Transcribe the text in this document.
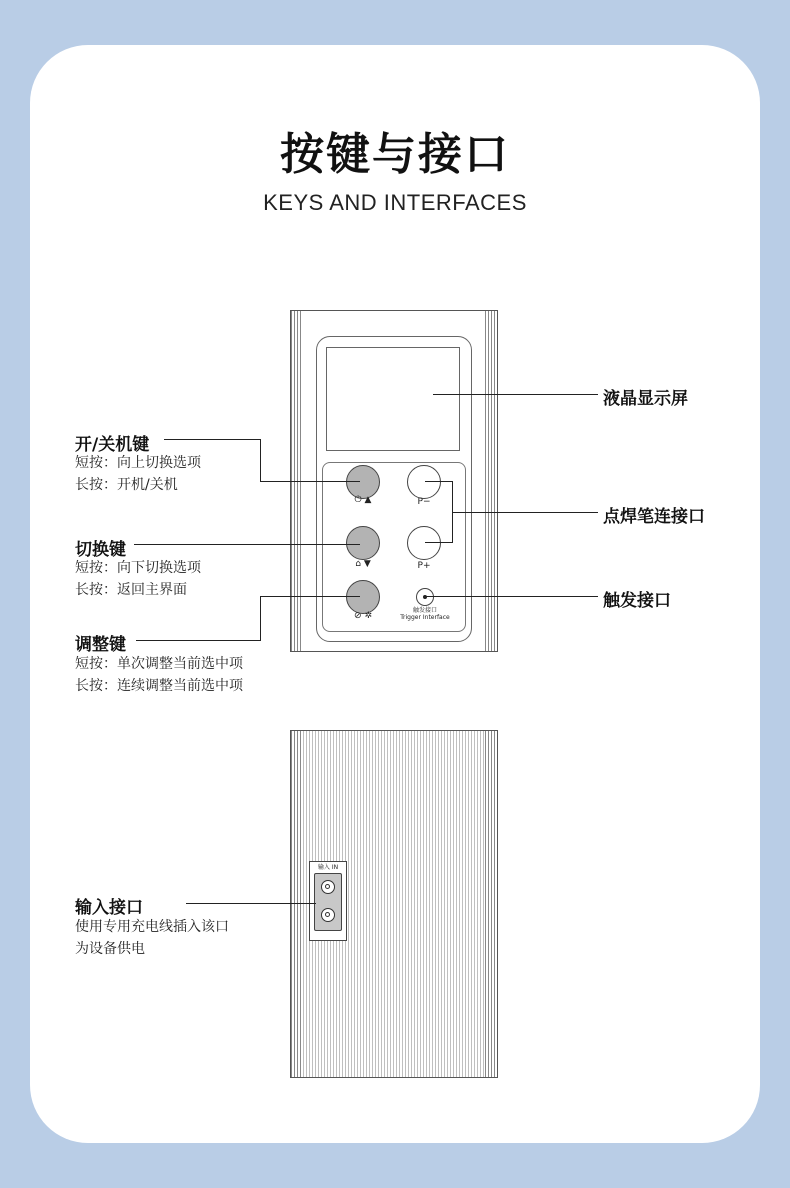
按键与接口
KEYS AND INTERFACES
⏻ ▲	P−
⌂ ▼	P+
⊘ ✲
触发接口
Trigger Interface
液晶显示屏
开/关机键
短按：向上切换选项
长按：开机/关机
点焊笔连接口
切换键
短按：向下切换选项
长按：返回主界面
触发接口
调整键
短按：单次调整当前选中项
长按：连续调整当前选中项
输入 IN
输入接口
使用专用充电线插入该口
为设备供电
